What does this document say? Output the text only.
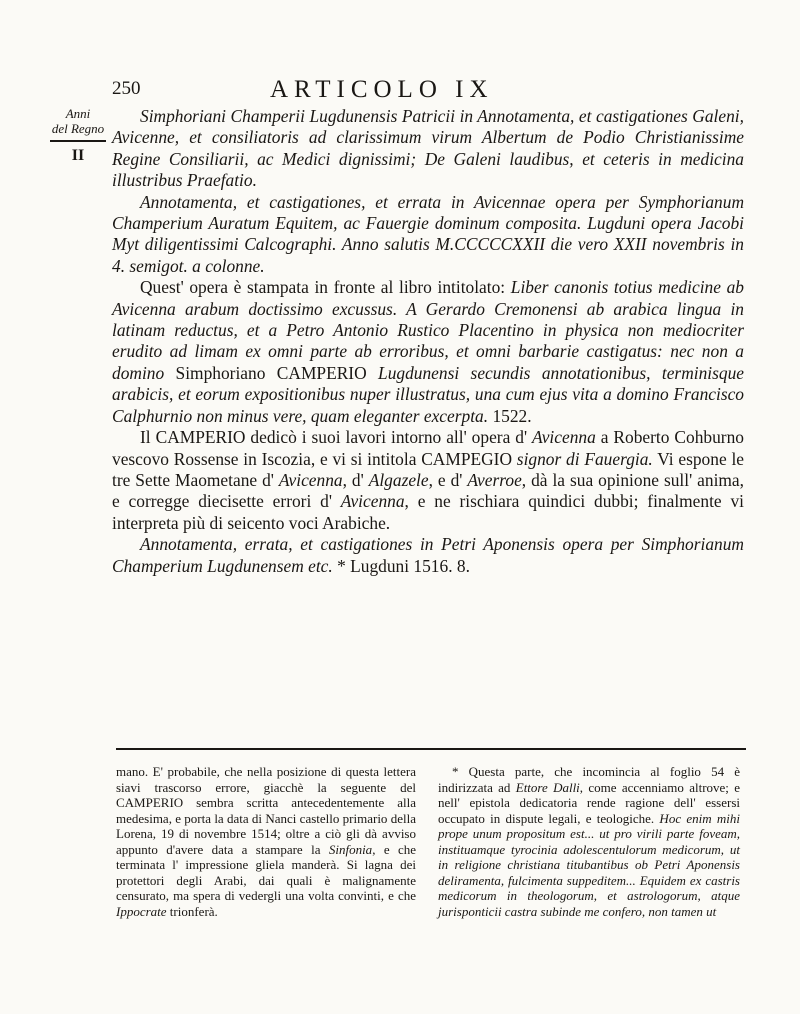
250	ARTICOLO IX
Anni
del Regno
II

Simphoriani Champerii Lugdunensis Patricii in Annotamenta, et castigationes Galeni, Avicenne, et consiliatoris ad clarissimum virum Albertum de Podio Christianissime Regine Consiliarii, ac Medici dignissimi; De Galeni laudibus, et ceteris in medicina illustribus Praefatio.

Annotamenta, et castigationes, et errata in Avicennae opera per Symphorianum Champerium Auratum Equitem, ac Fauergie dominum composita. Lugduni opera Jacobi Myt diligentissimi Calcographi. Anno salutis M.CCCCCXXII die vero XXII novembris in 4. semigot. a colonne.

Quest' opera è stampata in fronte al libro intitolato: Liber canonis totius medicine ab Avicenna arabum doctissimo excussus. A Gerardo Cremonensi ab arabica lingua in latinam reductus, et a Petro Antonio Rustico Placentino in physica non mediocriter erudito ad limam ex omni parte ab erroribus, et omni barbarie castigatus: nec non a domino Simphoriano CAMPERIO Lugdunensi secundis annotationibus, terminisque arabicis, et eorum expositionibus nuper illustratus, una cum ejus vita a domino Francisco Calphurnio non minus vere, quam eleganter excerpta. 1522.

Il CAMPERIO dedicò i suoi lavori intorno all' opera d' Avicenna a Roberto Cohburno vescovo Rossense in Iscozia, e vi si intitola CAMPEGIO signor di Fauergia. Vi espone le tre Sette Maometane d' Avicenna, d' Algazele, e d' Averroe, dà la sua opinione sull' anima, e corregge diecisette errori d' Avicenna, e ne rischiara quindici dubbi; finalmente vi interpreta più di seicento voci Arabiche.

Annotamenta, errata, et castigationes in Petri Aponensis opera per Simphorianum Champerium Lugdunensem etc. * Lugduni 1516. 8.

mano. E' probabile, che nella posizione di questa lettera siavi trascorso errore, giacchè la seguente del CAMPERIO sembra scritta antecedentemente alla medesima, e porta la data di Nanci castello primario della Lorena, 19 di novembre 1514; oltre a ciò gli dà avviso appunto d'avere data a stampare la Sinfonia, e che terminata l' impressione gliela manderà. Si lagna dei protettori degli Arabi, dai quali è malignamente censurato, ma spera di vedergli una volta convinti, e che Ippocrate trionferà.

* Questa parte, che incomincia al foglio 54 è indirizzata ad Ettore Dalli, come accenniamo altrove; e nell' epistola dedicatoria rende ragione dell' essersi occupato in dispute legali, e teologiche. Hoc enim mihi prope unum propositum est... ut pro virili parte foveam, instituamque tyrocinia adolescentulorum medicorum, ut in religione christiana titubantibus ob Petri Aponensis deliramenta, fulcimenta suppeditem... Equidem ex castris medicorum in theologorum, et astrologorum, atque jurisponticii castra subinde me confero, non tamen ut
